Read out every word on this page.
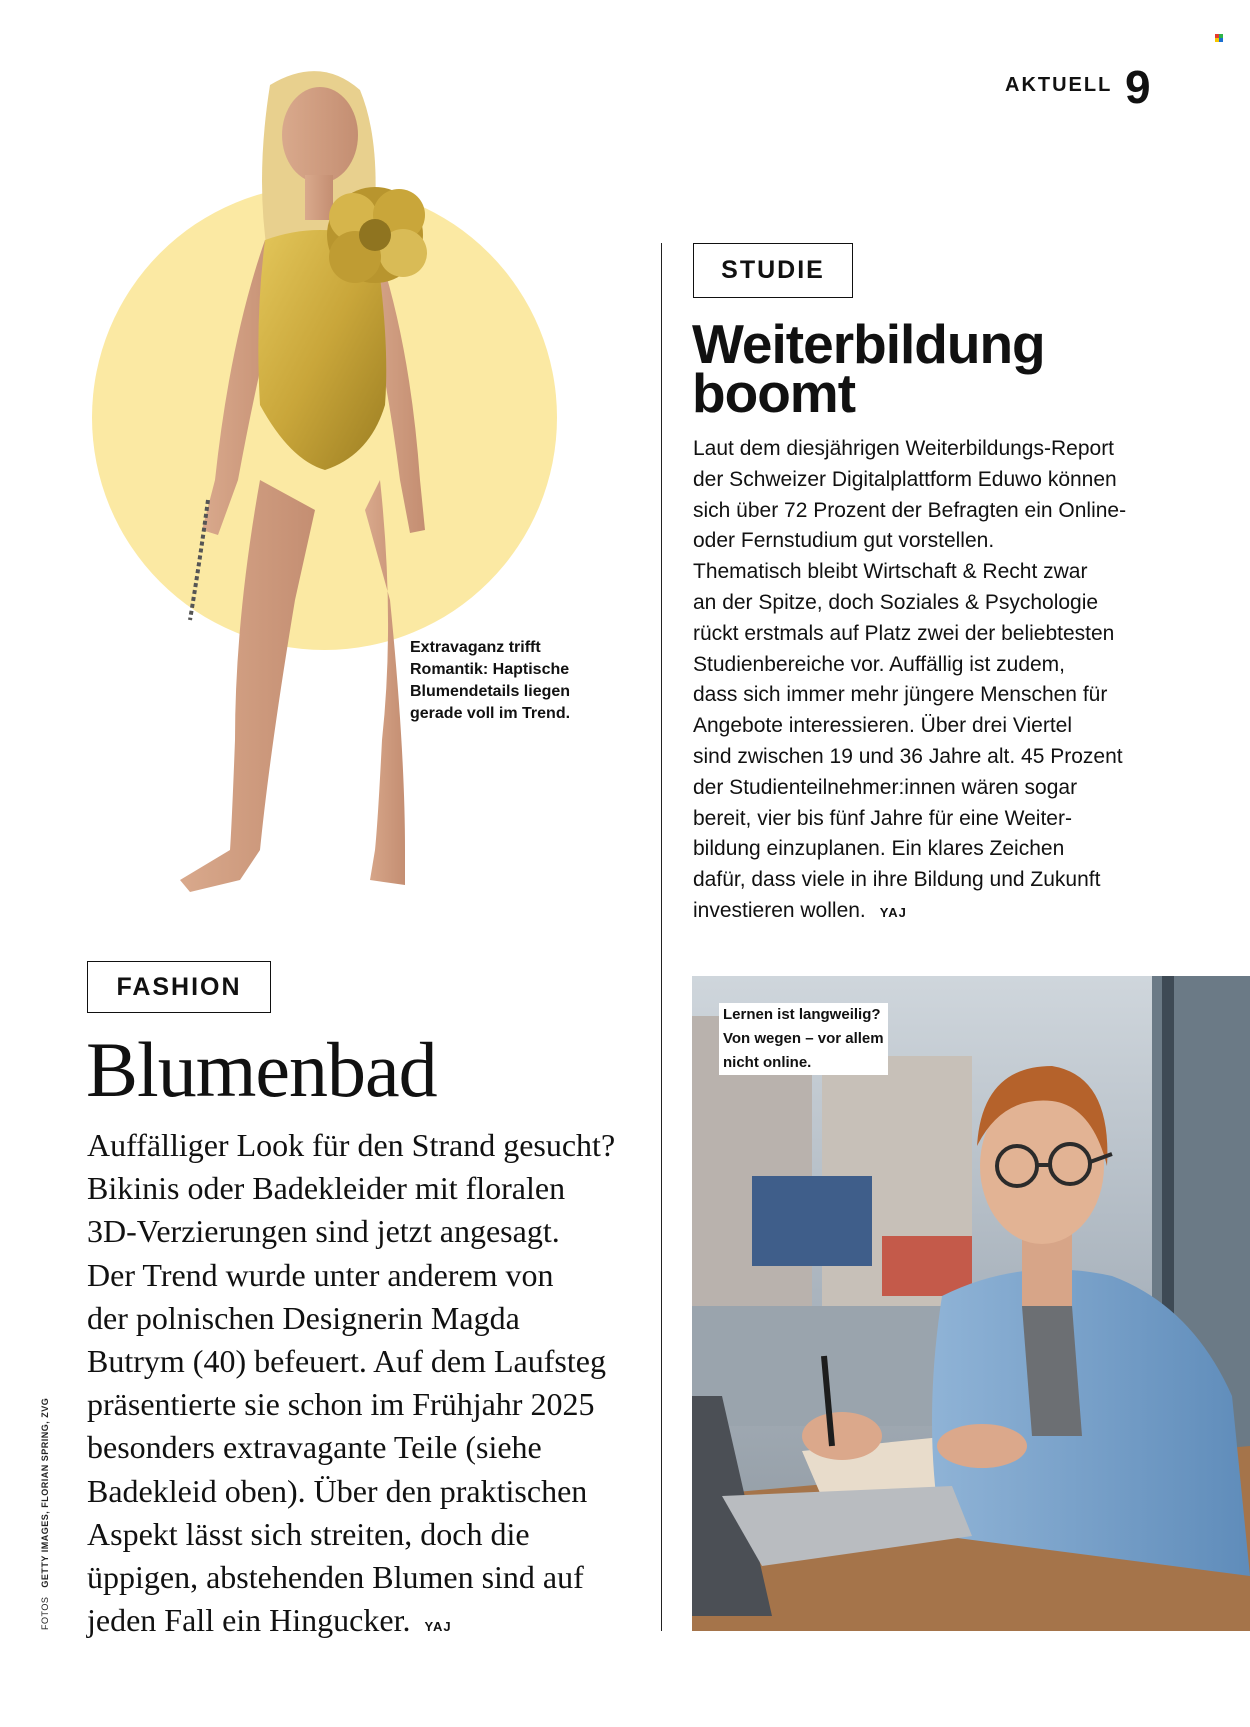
AKTUELL 9
FOTOS GETTY IMAGES, FLORIAN SPRING, ZVG
Extravaganz trifft Romantik: Haptische Blumendetails liegen gerade voll im Trend.
FASHION
Blumenbad

Auffälliger Look für den Strand gesucht?

Bikinis oder Badekleider mit floralen

3D-Verzierungen sind jetzt angesagt.

Der Trend wurde unter anderem von

der polnischen Designerin Magda

Butrym (40) befeuert. Auf dem Laufsteg

präsentierte sie schon im Frühjahr 2025

besonders extravagante Teile (siehe

Badekleid oben). Über den praktischen

Aspekt lässt sich streiten, doch die

üppigen, abstehenden Blumen sind auf

jeden Fall ein Hingucker. YAJ

STUDIE
Weiterbildung
boomt

Laut dem diesjährigen Weiterbildungs-Report

der Schweizer Digitalplattform Eduwo können

sich über 72 Prozent der Befragten ein Online-

oder Fernstudium gut vorstellen.

Thematisch bleibt Wirtschaft & Recht zwar

an der Spitze, doch Soziales & Psychologie

rückt erstmals auf Platz zwei der beliebtesten

Studienbereiche vor. Auffällig ist zudem,

dass sich immer mehr jüngere Menschen für

Angebote interessieren. Über drei Viertel

sind zwischen 19 und 36 Jahre alt. 45 Prozent

der Studienteilnehmer:innen wären sogar

bereit, vier bis fünf Jahre für eine Weiter-

bildung einzuplanen. Ein klares Zeichen

dafür, dass viele in ihre Bildung und Zukunft

investieren wollen. YAJ

Lernen ist langweilig?
Von wegen – vor allem
nicht online.
